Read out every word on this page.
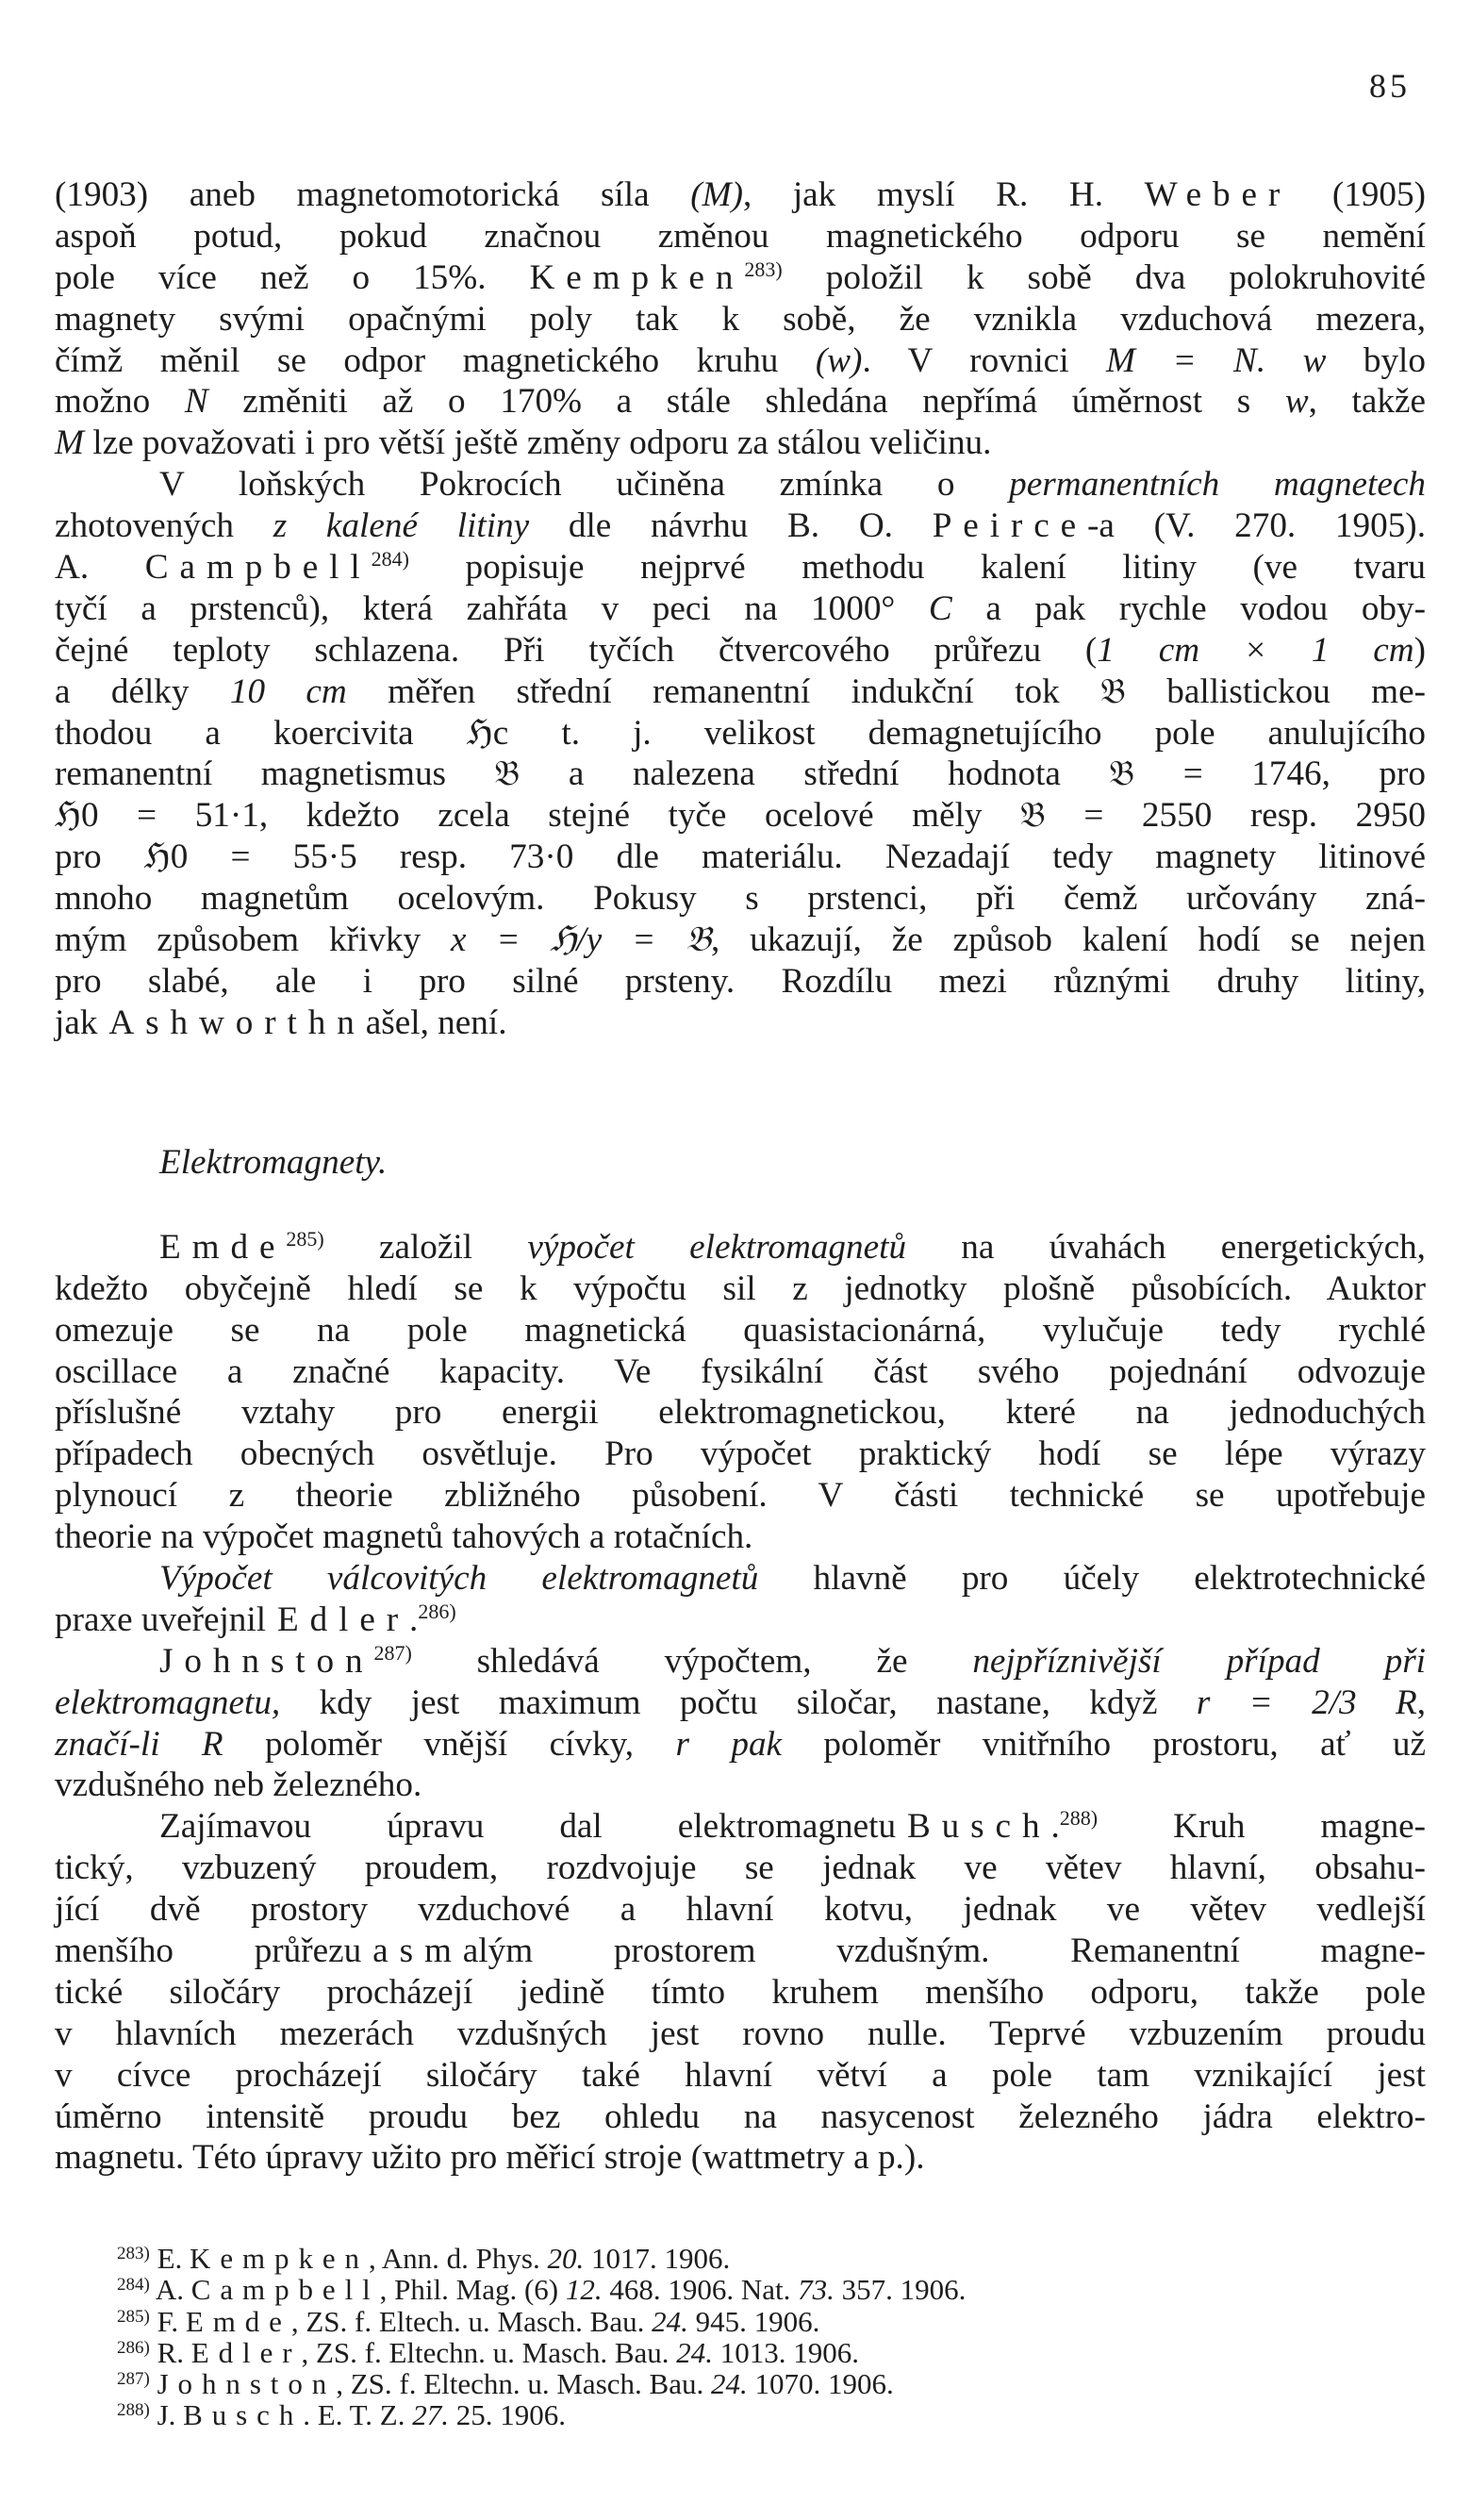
85
(1903) aneb magnetomotorická síla (M), jak myslí R. H. Weber (1905)
aspoň potud, pokud značnou změnou magnetického odporu se nemění
pole více než o 15%. Kempken$^{283)}$ položil k sobě dva polokruhovité
magnety svými opačnými poly tak k sobě, že vznikla vzduchová mezera,
čímž měnil se odpor magnetického kruhu (w). V rovnici M = N. w bylo
možno N změniti až o 170% a stále shledána nepřímá úměrnost s w, takže
M lze považovati i pro větší ještě změny odporu za stálou veličinu.
V loňských Pokrocích učiněna zmínka o permanentních magnetech
zhotovených z kalené litiny dle návrhu B. O. Peirce-a (V. 270. 1905).
A. Campbell$^{284)}$ popisuje nejprvé methodu kalení litiny (ve tvaru
tyčí a prstenců), která zahřáta v peci na 1000° C a pak rychle vodou oby-
čejné teploty schlazena. Při tyčích čtvercového průřezu (1 cm × 1 cm)
a délky 10 cm měřen střední remanentní indukční tok 𝔅 ballistickou me-
thodou a koercivita ℌc t. j. velikost demagnetujícího pole anulujícího
remanentní magnetismus 𝔅 a nalezena střední hodnota 𝔅 = 1746, pro
ℌ0 = 51·1, kdežto zcela stejné tyče ocelové měly 𝔅 = 2550 resp. 2950
pro ℌ0 = 55·5 resp. 73·0 dle materiálu. Nezadají tedy magnety litinové
mnoho magnetům ocelovým. Pokusy s prstenci, při čemž určovány zná-
mým způsobem křivky x = ℌ/y = 𝔅, ukazují, že způsob kalení hodí se nejen
pro slabé, ale i pro silné prsteny. Rozdílu mezi různými druhy litiny,
jakAshworthnašel, není.
Elektromagnety.
Emde$^{285)}$ založil výpočet elektromagnetů na úvahách energetických,
kdežto obyčejně hledí se k výpočtu sil z jednotky plošně působících. Auktor
omezuje se na pole magnetická quasistacionárná, vylučuje tedy rychlé
oscillace a značné kapacity. Ve fysikální část svého pojednání odvozuje
příslušné vztahy pro energii elektromagnetickou, které na jednoduchých
případech obecných osvětluje. Pro výpočet praktický hodí se lépe výrazy
plynoucí z theorie zbližného působení. V části technické se upotřebuje
theorie na výpočet magnetů tahových a rotačních.
Výpočet válcovitých elektromagnetů hlavně pro účely elektrotechnické
praxe uveřejnilEdler.$^{286)}$
Johnston$^{287)}$ shledává výpočtem, že nejpříznivější případ při
elektromagnetu, kdy jest maximum počtu siločar, nastane, když r = 2/3 R,
značí-li R poloměr vnější cívky, r pak poloměr vnitřního prostoru, ať už
vzdušného neb železného.
Zajímavou úpravu dal elektromagnetuBusch.$^{288)}$ Kruh magne-
tický, vzbuzený proudem, rozdvojuje se jednak ve větev hlavní, obsahu-
jící dvě prostory vzduchové a hlavní kotvu, jednak ve větev vedlejší
menšího průřezuasmalým prostorem vzdušným. Remanentní magne-
tické siločáry procházejí jedině tímto kruhem menšího odporu, takže pole
v hlavních mezerách vzdušných jest rovno nulle. Teprvé vzbuzením proudu
v cívce procházejí siločáry také hlavní větví a pole tam vznikající jest
úměrno intensitě proudu bez ohledu na nasycenost železného jádra elektro-
magnetu. Této úpravy užito pro měřicí stroje (wattmetry a p.).
$^{283)}$ E. Kempken, Ann. d. Phys. 20. 1017. 1906.
$^{284)}$ A. Campbell, Phil. Mag. (6) 12. 468. 1906. Nat. 73. 357. 1906.
$^{285)}$ F. Emde, ZS. f. Eltech. u. Masch. Bau. 24. 945. 1906.
$^{286)}$ R. Edler, ZS. f. Eltechn. u. Masch. Bau. 24. 1013. 1906.
$^{287)}$ Johnston, ZS. f. Eltechn. u. Masch. Bau. 24. 1070. 1906.
$^{288)}$ J. Busch. E. T. Z. 27. 25. 1906.
